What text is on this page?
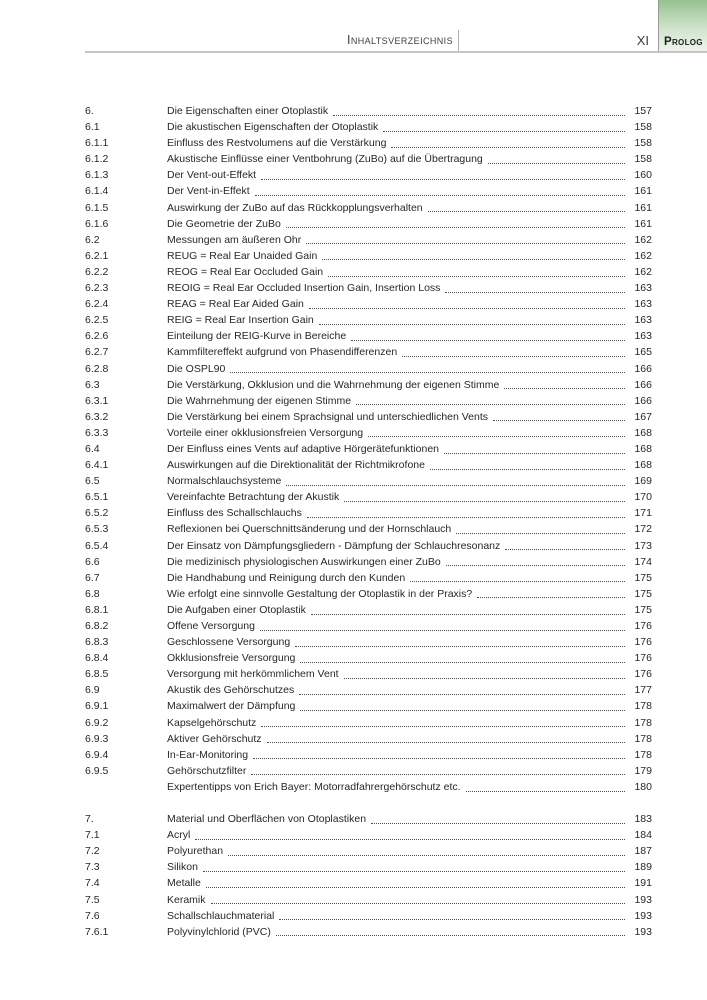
Inhaltsverzeichnis	XI Prolog
6.	Die Eigenschaften einer Otoplastik	157
6.1	Die akustischen Eigenschaften der Otoplastik	158
6.1.1	Einfluss des Restvolumens auf die Verstärkung	158
6.1.2	Akustische Einflüsse einer Ventbohrung (ZuBo) auf die Übertragung	158
6.1.3	Der Vent-out-Effekt	160
6.1.4	Der Vent-in-Effekt	161
6.1.5	Auswirkung der ZuBo auf das Rückkopplungsverhalten	161
6.1.6	Die Geometrie der ZuBo	161
6.2	Messungen am äußeren Ohr	162
6.2.1	REUG = Real Ear Unaided Gain	162
6.2.2	REOG = Real Ear Occluded Gain	162
6.2.3	REOIG = Real Ear Occluded Insertion Gain, Insertion Loss	163
6.2.4	REAG = Real Ear Aided Gain	163
6.2.5	REIG = Real Ear Insertion Gain	163
6.2.6	Einteilung der REIG-Kurve in Bereiche	163
6.2.7	Kammfiltereffekt aufgrund von Phasendifferenzen	165
6.2.8	Die OSPL90	166
6.3	Die Verstärkung, Okklusion und die Wahrnehmung der eigenen Stimme	166
6.3.1	Die Wahrnehmung der eigenen Stimme	166
6.3.2	Die Verstärkung bei einem Sprachsignal und unterschiedlichen Vents	167
6.3.3	Vorteile einer okklusionsfreien Versorgung	168
6.4	Der Einfluss eines Vents auf adaptive Hörgerätefunktionen	168
6.4.1	Auswirkungen auf die Direktionalität der Richtmikrofone	168
6.5	Normalschlauchsysteme	169
6.5.1	Vereinfachte Betrachtung der Akustik	170
6.5.2	Einfluss des Schallschlauchs	171
6.5.3	Reflexionen bei Querschnittsänderung und der Hornschlauch	172
6.5.4	Der Einsatz von Dämpfungsgliedern - Dämpfung der Schlauchresonanz	173
6.6	Die medizinisch physiologischen Auswirkungen einer ZuBo	174
6.7	Die Handhabung und Reinigung durch den Kunden	175
6.8	Wie erfolgt eine sinnvolle Gestaltung der Otoplastik in der Praxis?	175
6.8.1	Die Aufgaben einer Otoplastik	175
6.8.2	Offene Versorgung	176
6.8.3	Geschlossene Versorgung	176
6.8.4	Okklusionsfreie Versorgung	176
6.8.5	Versorgung mit herkömmlichem Vent	176
6.9	Akustik des Gehörschutzes	177
6.9.1	Maximalwert der Dämpfung	178
6.9.2	Kapselgehörschutz	178
6.9.3	Aktiver Gehörschutz	178
6.9.4	In-Ear-Monitoring	178
6.9.5	Gehörschutzfilter	179
Expertentipps von Erich Bayer: Motorradfahrergehörschutz etc.	180
7.	Material und Oberflächen von Otoplastiken	183
7.1	Acryl	184
7.2	Polyurethan	187
7.3	Silikon	189
7.4	Metalle	191
7.5	Keramik	193
7.6	Schallschlauchmaterial	193
7.6.1	Polyvinylchlorid (PVC)	193
